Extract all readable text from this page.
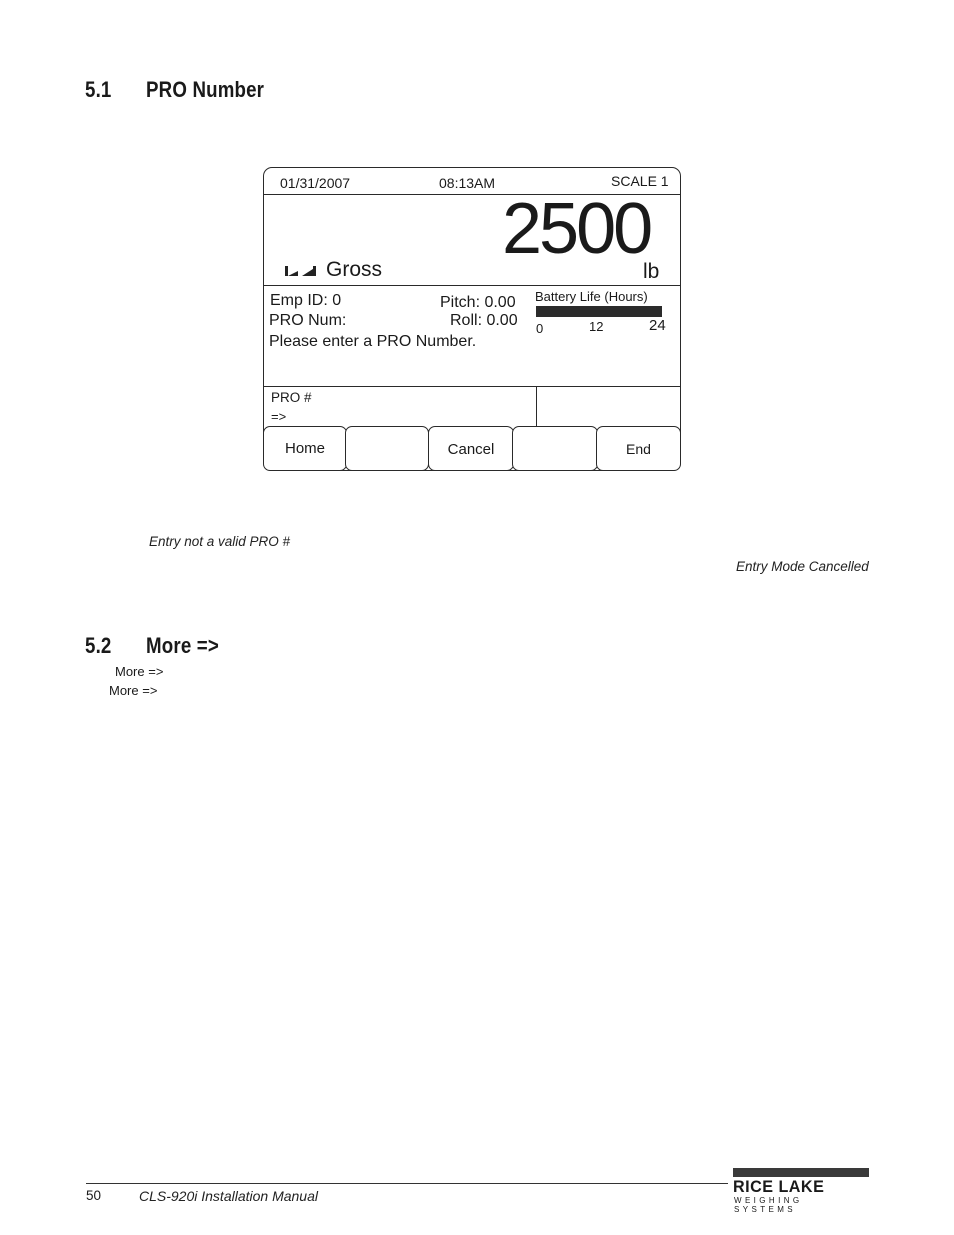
5.1 PRO Number
01/31/2007	08:13AM	SCALE 1
2500
Gross	lb
Emp ID: 0
PRO Num:
Please enter a PRO Number.
Pitch: 0.00
Roll: 0.00
Battery Life (Hours)
0	12	24
PRO #
=>
Home	Cancel	End
Entry not a valid PRO #
Entry Mode Cancelled
5.2 More =>
More =>
More =>
50	CLS-920i Installation Manual	RICE LAKE
WEIGHING SYSTEMS
